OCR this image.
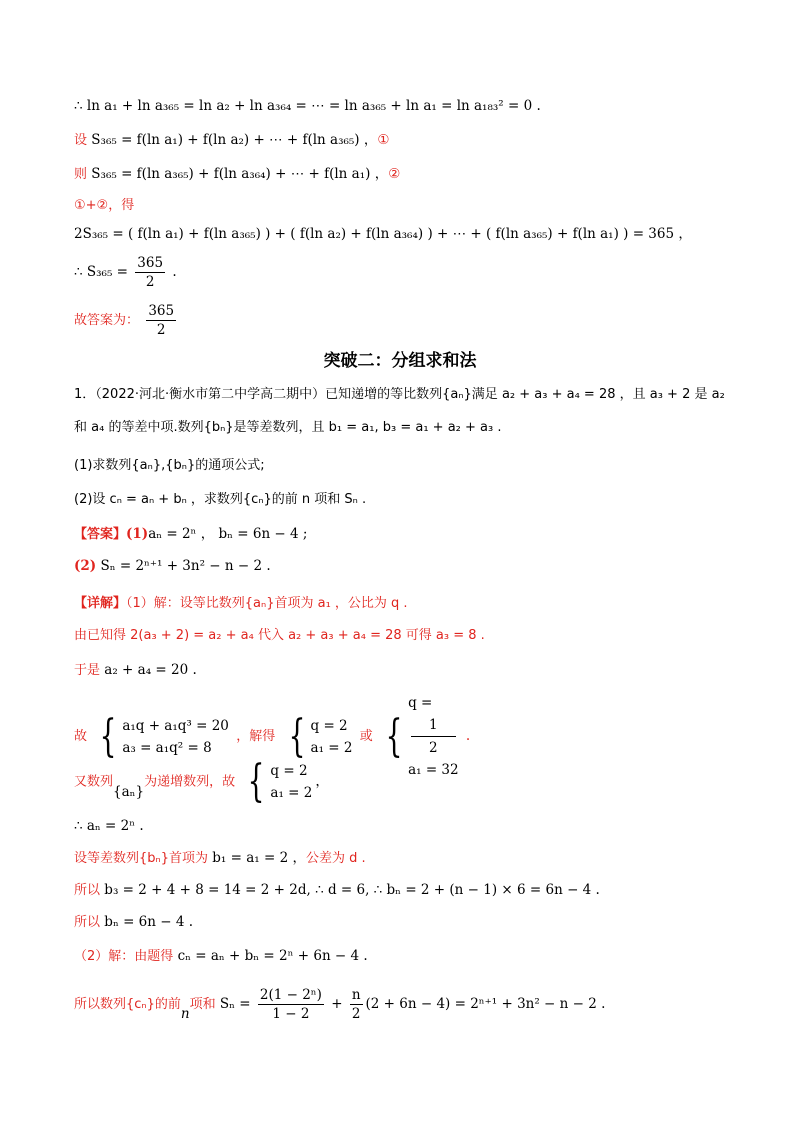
∴ ln a₁ + ln a₃₆₅ = ln a₂ + ln a₃₆₄ = ⋯ = ln a₃₆₅ + ln a₁ = ln a₁₈₃² = 0 .
设 S₃₆₅ = f(ln a₁) + f(ln a₂) + ⋯ + f(ln a₃₆₅) ，①
则 S₃₆₅ = f(ln a₃₆₅) + f(ln a₃₆₄) + ⋯ + f(ln a₁) ，②
①+②，得
2S₃₆₅ = ( f(ln a₁) + f(ln a₃₆₅) ) + ( f(ln a₂) + f(ln a₃₆₄) ) + ⋯ + ( f(ln a₃₆₅) + f(ln a₁) ) = 365 ，
∴ $S_{365} = \frac{365}{2}$ .
故答案为： $\frac{365}{2}$
突破二：分组求和法
1．（2022·河北·衡水市第二中学高二期中）已知递增的等比数列{aₙ}满足 a₂ + a₃ + a₄ = 28 ，且 a₃ + 2 是 a₂
和 a₄ 的等差中项.数列{bₙ}是等差数列，且 b₁ = a₁, b₃ = a₁ + a₂ + a₃ .
(1)求数列{aₙ},{bₙ}的通项公式;
(2)设 cₙ = aₙ + bₙ ，求数列{cₙ}的前 n 项和 Sₙ .
【答案】(1)aₙ = 2ⁿ ， bₙ = 6n − 4 ;
(2) Sₙ = 2ⁿ⁺¹ + 3n² − n − 2 .
【详解】（1）解：设等比数列{aₙ}首项为 a₁ ，公比为 q .
由已知得 2(a₃ + 2) = a₂ + a₄ 代入 a₂ + a₃ + a₄ = 28 可得 a₃ = 8 .
于是 a₂ + a₄ = 20 .
故 { a₁q + a₁q³ = 20
a₃ = a₁q² = 8
，解得 { q = 2
a₁ = 2
或 {
q =
1
2
a₁ = 32
.
又数列{aₙ}为递增数列，故 { q = 2
a₁ = 2
，
∴ aₙ = 2ⁿ .
设等差数列{bₙ}首项为 b₁ = a₁ = 2 ，公差为 d .
所以 b₃ = 2 + 4 + 8 = 14 = 2 + 2d, ∴ d = 6, ∴ bₙ = 2 + (n − 1) × 6 = 6n − 4 .
所以 bₙ = 6n − 4 .
（2）解：由题得 cₙ = aₙ + bₙ = 2ⁿ + 6n − 4 .
所以数列{cₙ}的前n项和 $S_n = \frac{\text{2(1 − 2ⁿ)}}{1 - 2} + \frac{n}{2} (2 + 6n - 4) = 2^{n+1} + 3n^2 - n - 2$ .
